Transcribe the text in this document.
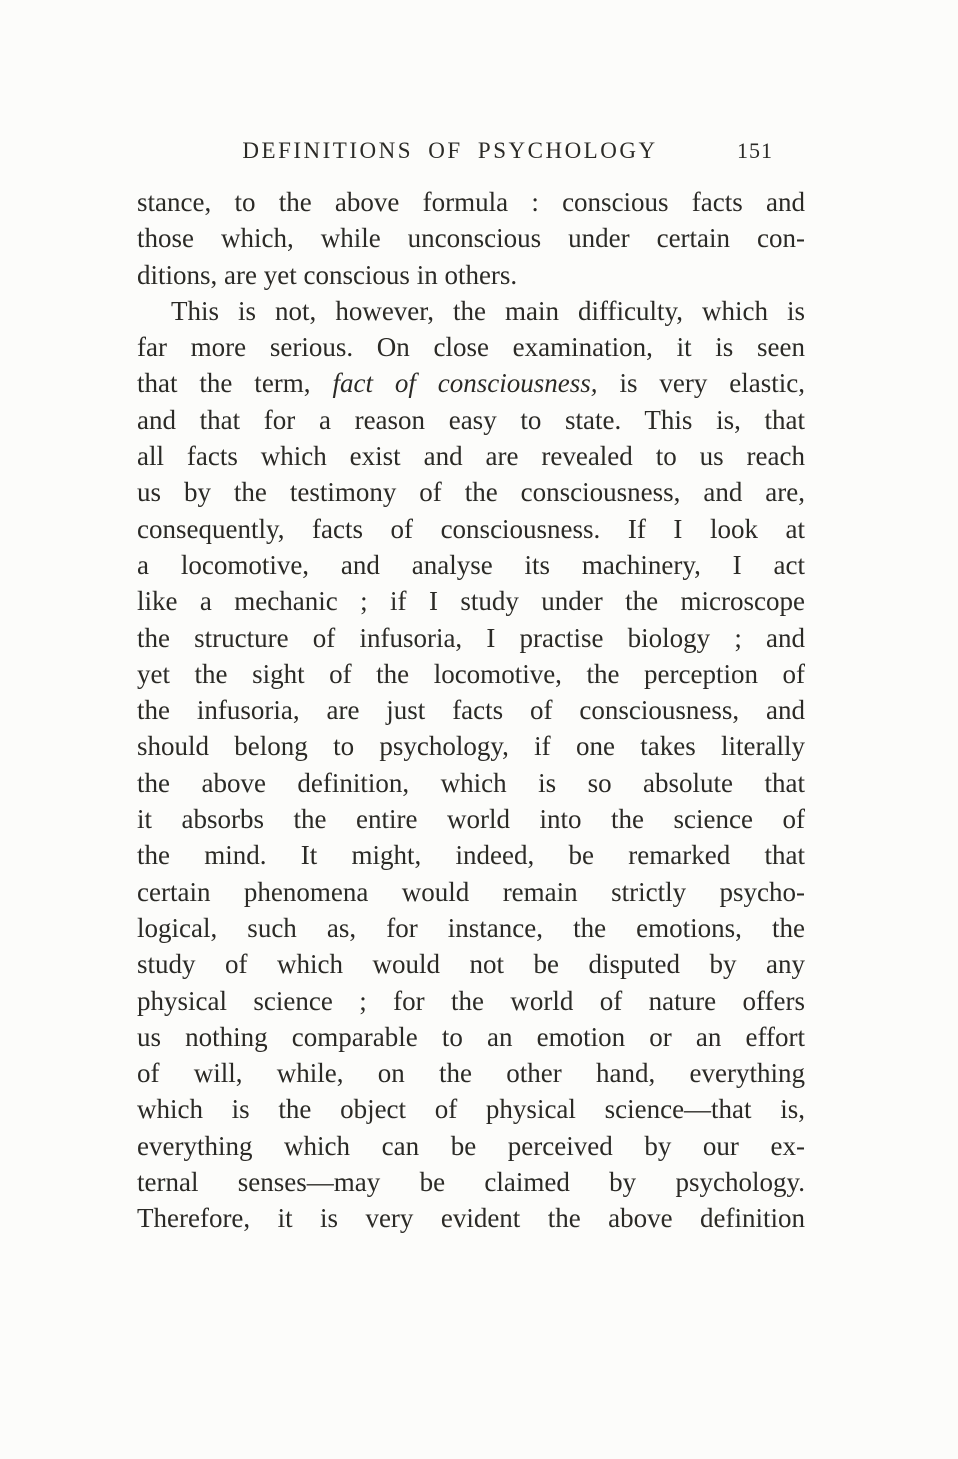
DEFINITIONS OF PSYCHOLOGY	151
stance, to the above formula : conscious facts and
those which, while unconscious under certain con-
ditions, are yet conscious in others.
This is not, however, the main difficulty, which is
far more serious. On close examination, it is seen
that the term, fact of consciousness, is very elastic,
and that for a reason easy to state. This is, that
all facts which exist and are revealed to us reach
us by the testimony of the consciousness, and are,
consequently, facts of consciousness. If I look at
a locomotive, and analyse its machinery, I act
like a mechanic ; if I study under the microscope
the structure of infusoria, I practise biology ; and
yet the sight of the locomotive, the perception of
the infusoria, are just facts of consciousness, and
should belong to psychology, if one takes literally
the above definition, which is so absolute that
it absorbs the entire world into the science of
the mind. It might, indeed, be remarked that
certain phenomena would remain strictly psycho-
logical, such as, for instance, the emotions, the
study of which would not be disputed by any
physical science ; for the world of nature offers
us nothing comparable to an emotion or an effort
of will, while, on the other hand, everything
which is the object of physical science—that is,
everything which can be perceived by our ex-
ternal senses—may be claimed by psychology.
Therefore, it is very evident the above definition
